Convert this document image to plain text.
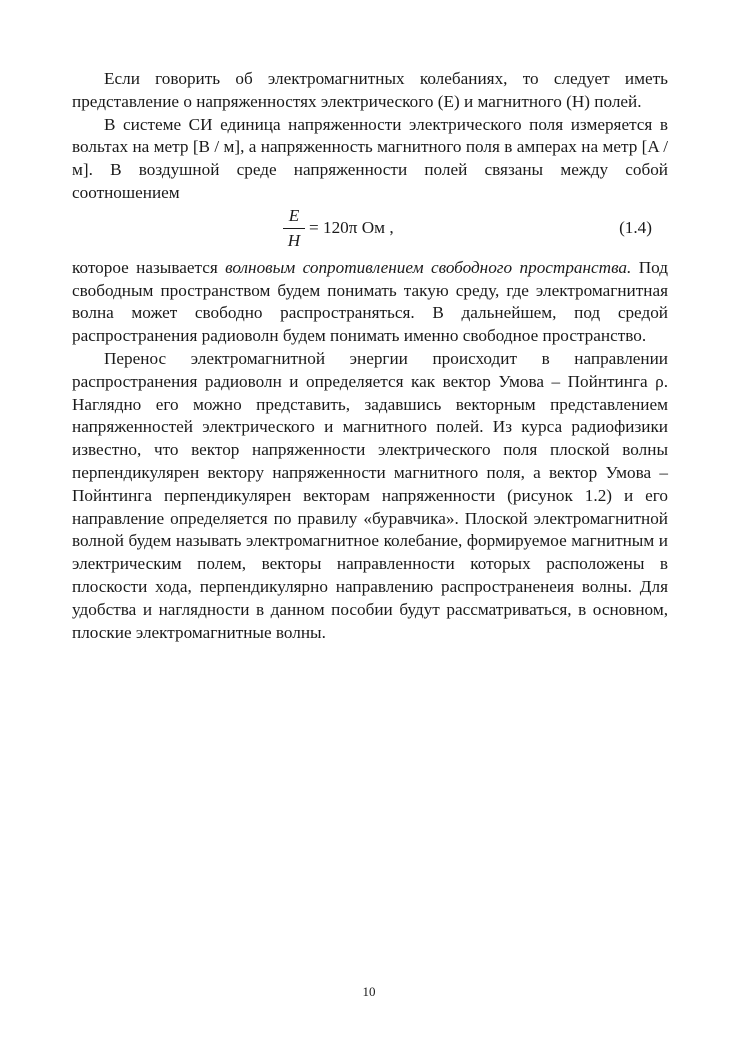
Если говорить об электромагнитных колебаниях, то следует иметь представление о напряженностях электрического (E) и магнитного (H) полей.

В системе СИ единица напряженности электрического поля измеряется в вольтах на метр [B / м], а напряженность магнитного поля в амперах на метр [A / м]. В воздушной среде напряженности полей связаны между собой соотношением

E
H
= 120π Ом ,	(1.4)

которое называется волновым сопротивлением свободного пространства. Под свободным пространством будем понимать такую среду, где электромагнитная волна может свободно распространяться. В дальнейшем, под средой распространения радиоволн будем понимать именно свободное пространство.

Перенос электромагнитной энергии происходит в направлении распространения радиоволн и определяется как вектор Умова – Пойнтинга ρ. Наглядно его можно представить, задавшись векторным представлением напряженностей электрического и магнитного полей. Из курса радиофизики известно, что вектор напряженности электрического поля плоской волны перпендикулярен вектору напряженности магнитного поля, а вектор Умова – Пойнтинга перпендикулярен векторам напряженности (рисунок 1.2) и его направление определяется по правилу «буравчика». Плоской электромагнитной волной будем называть электромагнитное колебание, формируемое магнитным и электрическим полем, векторы направленности которых расположены в плоскости хода, перпендикулярно направлению распространенеия волны. Для удобства и наглядности в данном пособии будут рассматриваться, в основном, плоские электромагнитные волны.

10
